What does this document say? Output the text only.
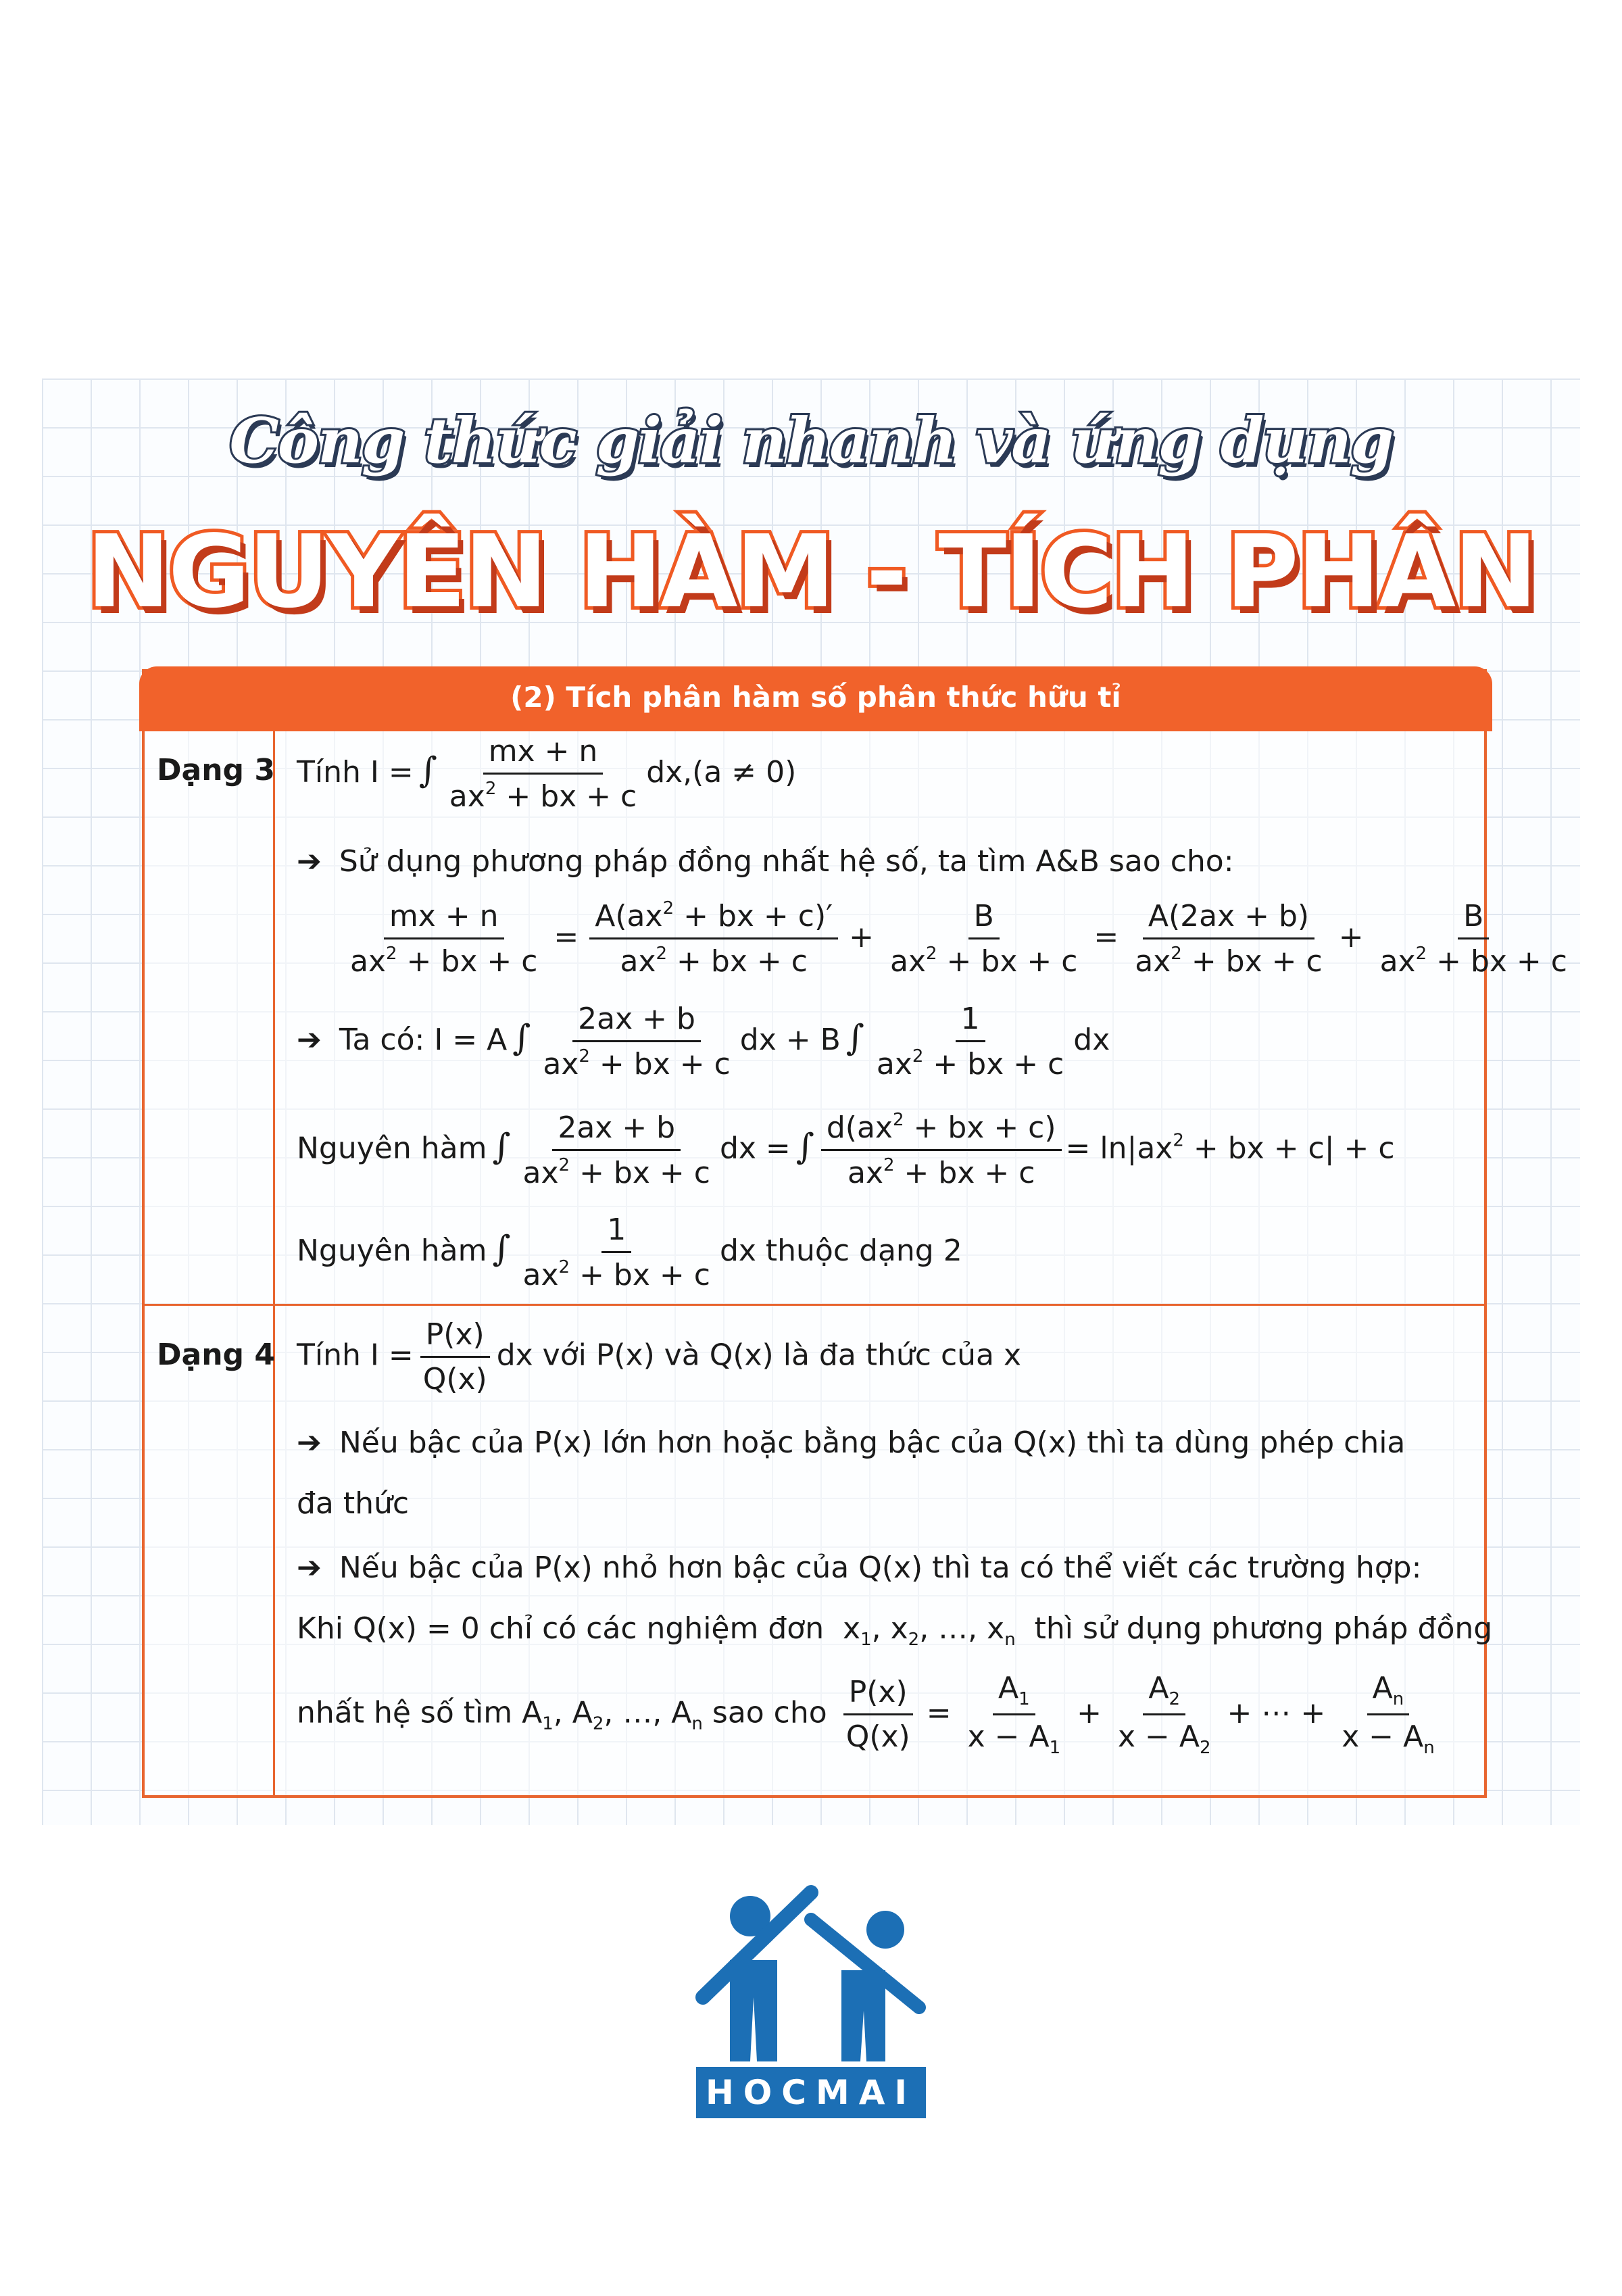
Công thức giải nhanh và ứng dụng
NGUYÊN HÀM - TÍCH PHÂN
(2) Tích phân hàm số phân thức hữu tỉ
Dạng 3 Tính I = ∫ $\frac{mx + n}{ax^2 + bx + c} dx,(a \ne 0)$
➔ Sử dụng phương pháp đồng nhất hệ số, ta tìm A&B sao cho:
$\frac{mx + n}{ax^2 + bx + c} = \frac{A(ax^2 + bx + c)'}{ax^2 + bx + c} + \frac{B}{ax^2 + bx + c} = \frac{A(2ax + b)}{ax^2 + bx + c} + \frac{B}{ax^2 + bx + c}$
➔ Ta có: I = A ∫ $\frac{2ax + b}{ax^2 + bx + c}$ dx + B ∫ $\frac{1}{ax^2 + bx + c}$ dx
Nguyên hàm ∫ $\frac{2ax + b}{ax^2 + bx + c}$ dx = ∫ $\frac{d(ax^2 + bx + c)}{ax^2 + bx + c} = \ln|ax^2$ + bx + c| + c
Nguyên hàm ∫ $\frac{1}{ax^2 + bx + c}$ dx thuộc dạng 2
Dạng 4 Tính $I = \frac{P(x)}{Q(x)}$ dx với P(x) và Q(x) là đa thức của x
➔ Nếu bậc của P(x) lớn hơn hoặc bằng bậc của Q(x) thì ta dùng phép chia
đa thức
➔ Nếu bậc của P(x) nhỏ hơn bậc của Q(x) thì ta có thể viết các trường hợp:
Khi Q(x) = 0 chỉ có các nghiệm đơn  $x_1$, $x_2$, …, $x_n$ thì sử dụng phương pháp đồng
nhất hệ số tìm $A_1$, $A_2$, …, $A_n$ sao cho $\frac{P(x)}{Q(x)} = \frac{A_1}{x - A_1} + \frac{A_2}{x - A_2}$ + ⋯ + $\frac{A_n}{x - A_n}$
HOCMAI
